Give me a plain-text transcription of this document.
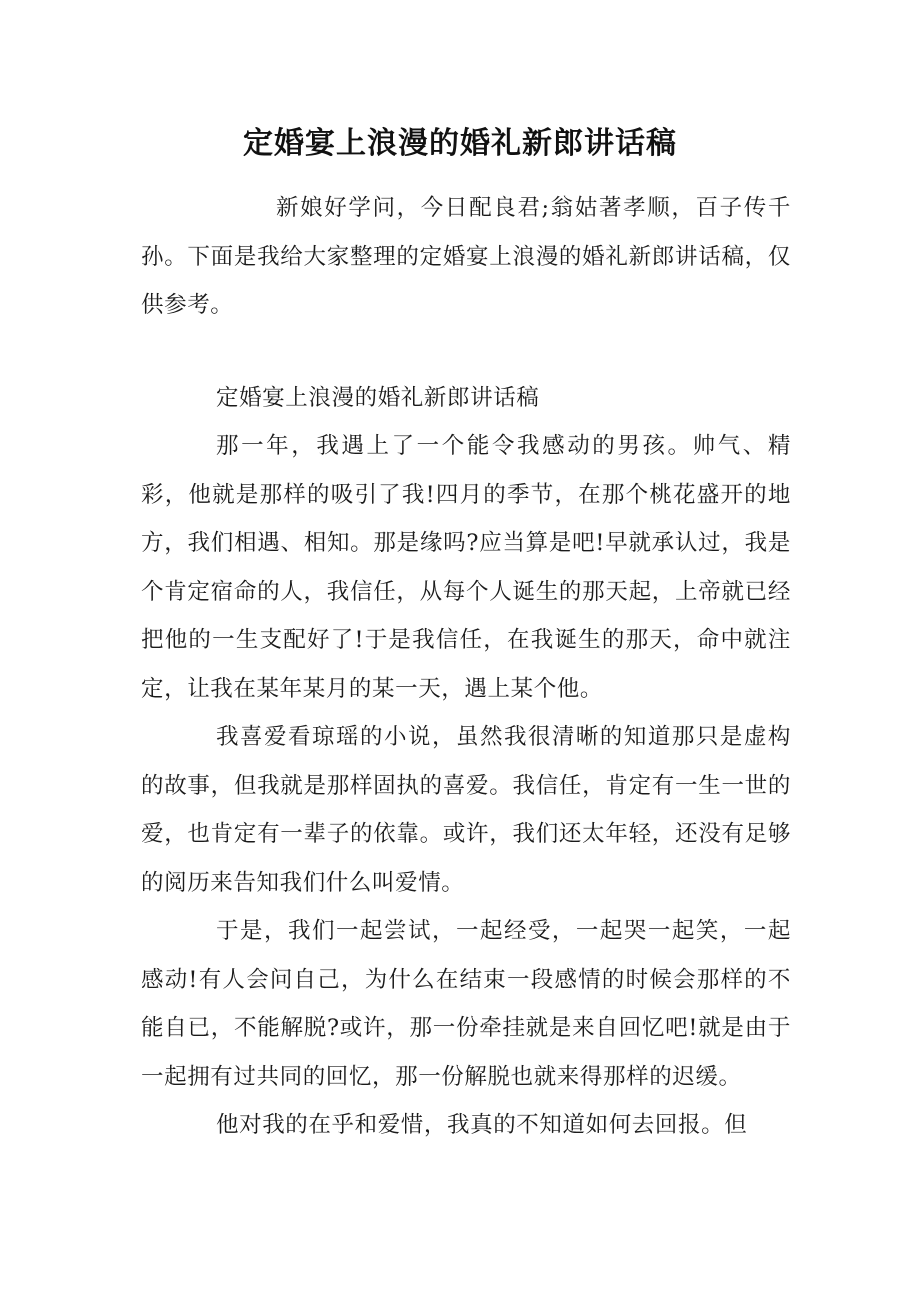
定婚宴上浪漫的婚礼新郎讲话稿

新娘好学问，今日配良君;翁姑著孝顺，百子传千孙。下面是我给大家整理的定婚宴上浪漫的婚礼新郎讲话稿，仅供参考。

定婚宴上浪漫的婚礼新郎讲话稿

那一年，我遇上了一个能令我感动的男孩。帅气、精彩，他就是那样的吸引了我!四月的季节，在那个桃花盛开的地方，我们相遇、相知。那是缘吗?应当算是吧!早就承认过，我是个肯定宿命的人，我信任，从每个人诞生的那天起，上帝就已经把他的一生支配好了!于是我信任，在我诞生的那天，命中就注定，让我在某年某月的某一天，遇上某个他。

我喜爱看琼瑶的小说，虽然我很清晰的知道那只是虚构的故事，但我就是那样固执的喜爱。我信任，肯定有一生一世的爱，也肯定有一辈子的依靠。或许，我们还太年轻，还没有足够的阅历来告知我们什么叫爱情。

于是，我们一起尝试，一起经受，一起哭一起笑，一起感动!有人会问自己，为什么在结束一段感情的时候会那样的不能自已，不能解脱?或许，那一份牵挂就是来自回忆吧!就是由于一起拥有过共同的回忆，那一份解脱也就来得那样的迟缓。

他对我的在乎和爱惜，我真的不知道如何去回报。但
